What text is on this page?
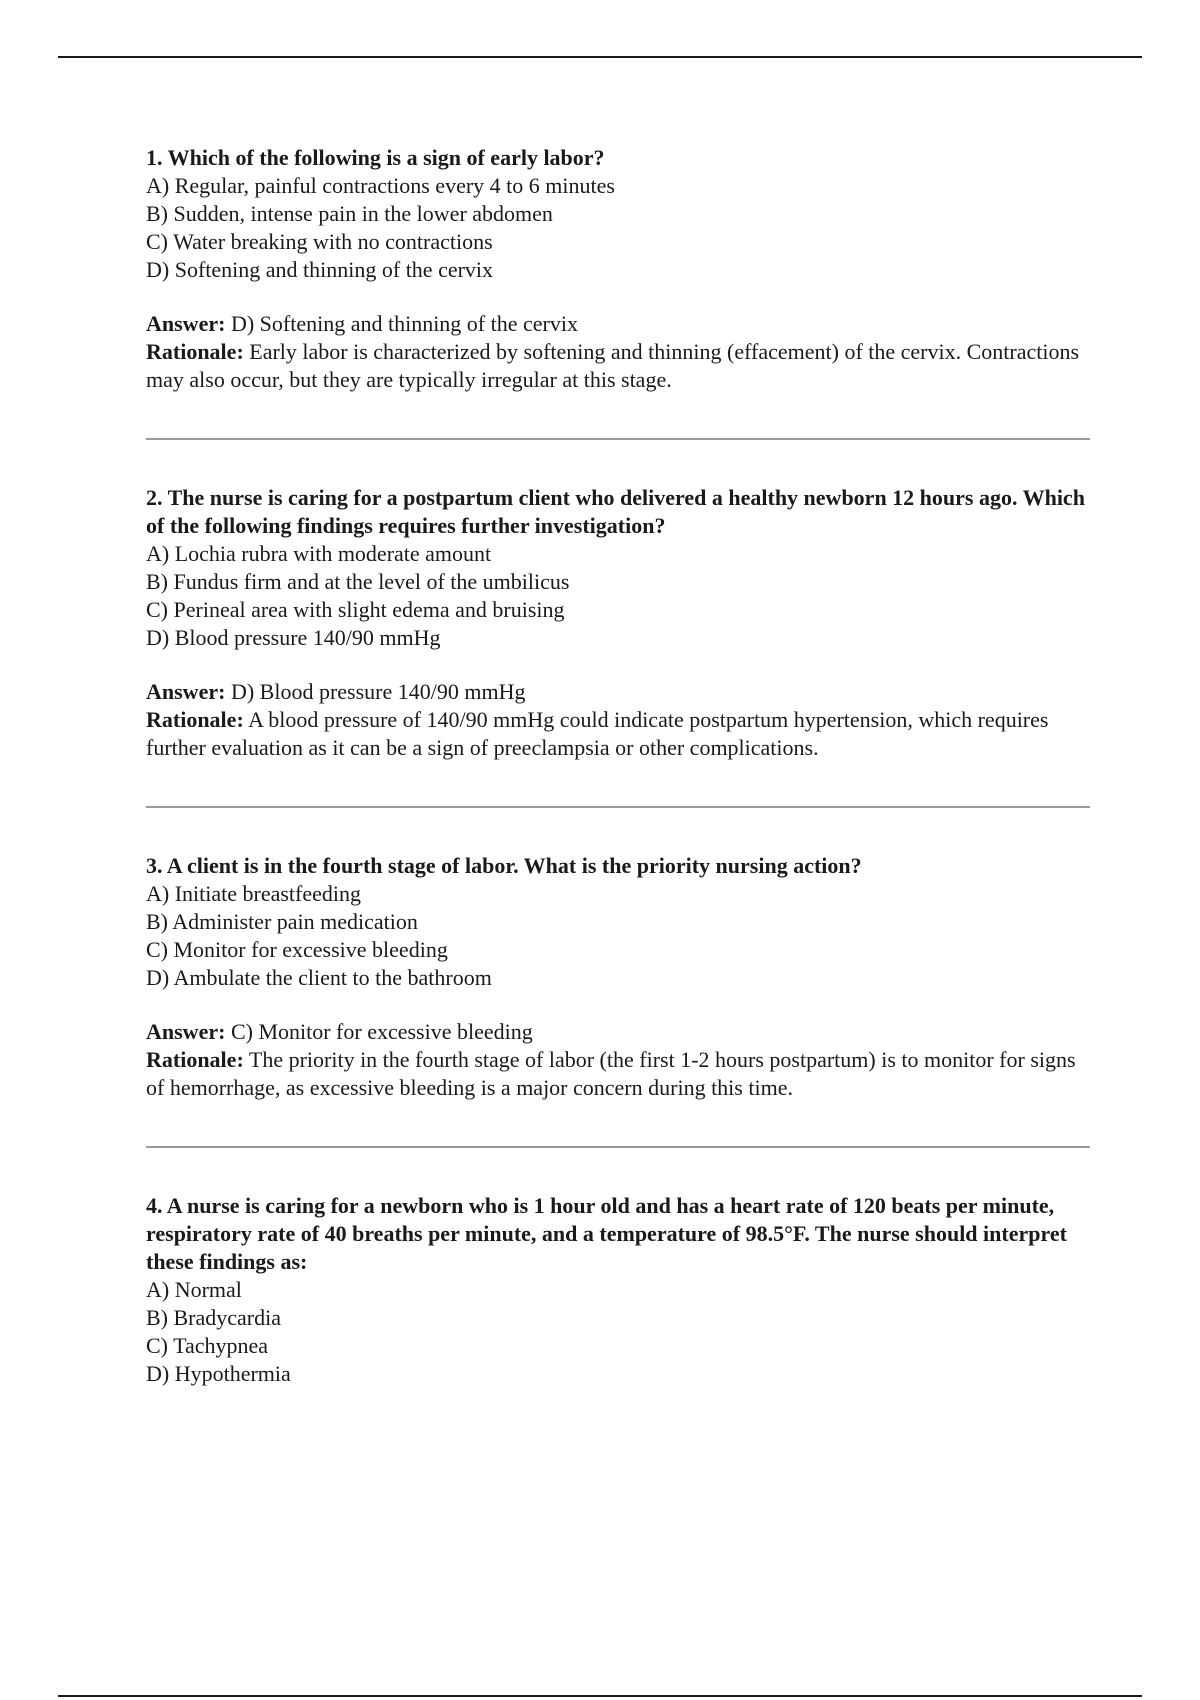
1. Which of the following is a sign of early labor?

A) Regular, painful contractions every 4 to 6 minutes
B) Sudden, intense pain in the lower abdomen
C) Water breaking with no contractions
D) Softening and thinning of the cervix

Answer: D) Softening and thinning of the cervix

Rationale: Early labor is characterized by softening and thinning (effacement) of the cervix. Contractions may also occur, but they are typically irregular at this stage.

2. The nurse is caring for a postpartum client who delivered a healthy newborn 12 hours ago. Which of the following findings requires further investigation?

A) Lochia rubra with moderate amount
B) Fundus firm and at the level of the umbilicus
C) Perineal area with slight edema and bruising
D) Blood pressure 140/90 mmHg

Answer: D) Blood pressure 140/90 mmHg

Rationale: A blood pressure of 140/90 mmHg could indicate postpartum hypertension, which requires further evaluation as it can be a sign of preeclampsia or other complications.

3. A client is in the fourth stage of labor. What is the priority nursing action?

A) Initiate breastfeeding
B) Administer pain medication
C) Monitor for excessive bleeding
D) Ambulate the client to the bathroom

Answer: C) Monitor for excessive bleeding

Rationale: The priority in the fourth stage of labor (the first 1-2 hours postpartum) is to monitor for signs of hemorrhage, as excessive bleeding is a major concern during this time.

4. A nurse is caring for a newborn who is 1 hour old and has a heart rate of 120 beats per minute, respiratory rate of 40 breaths per minute, and a temperature of 98.5°F. The nurse should interpret these findings as:

A) Normal
B) Bradycardia
C) Tachypnea
D) Hypothermia
